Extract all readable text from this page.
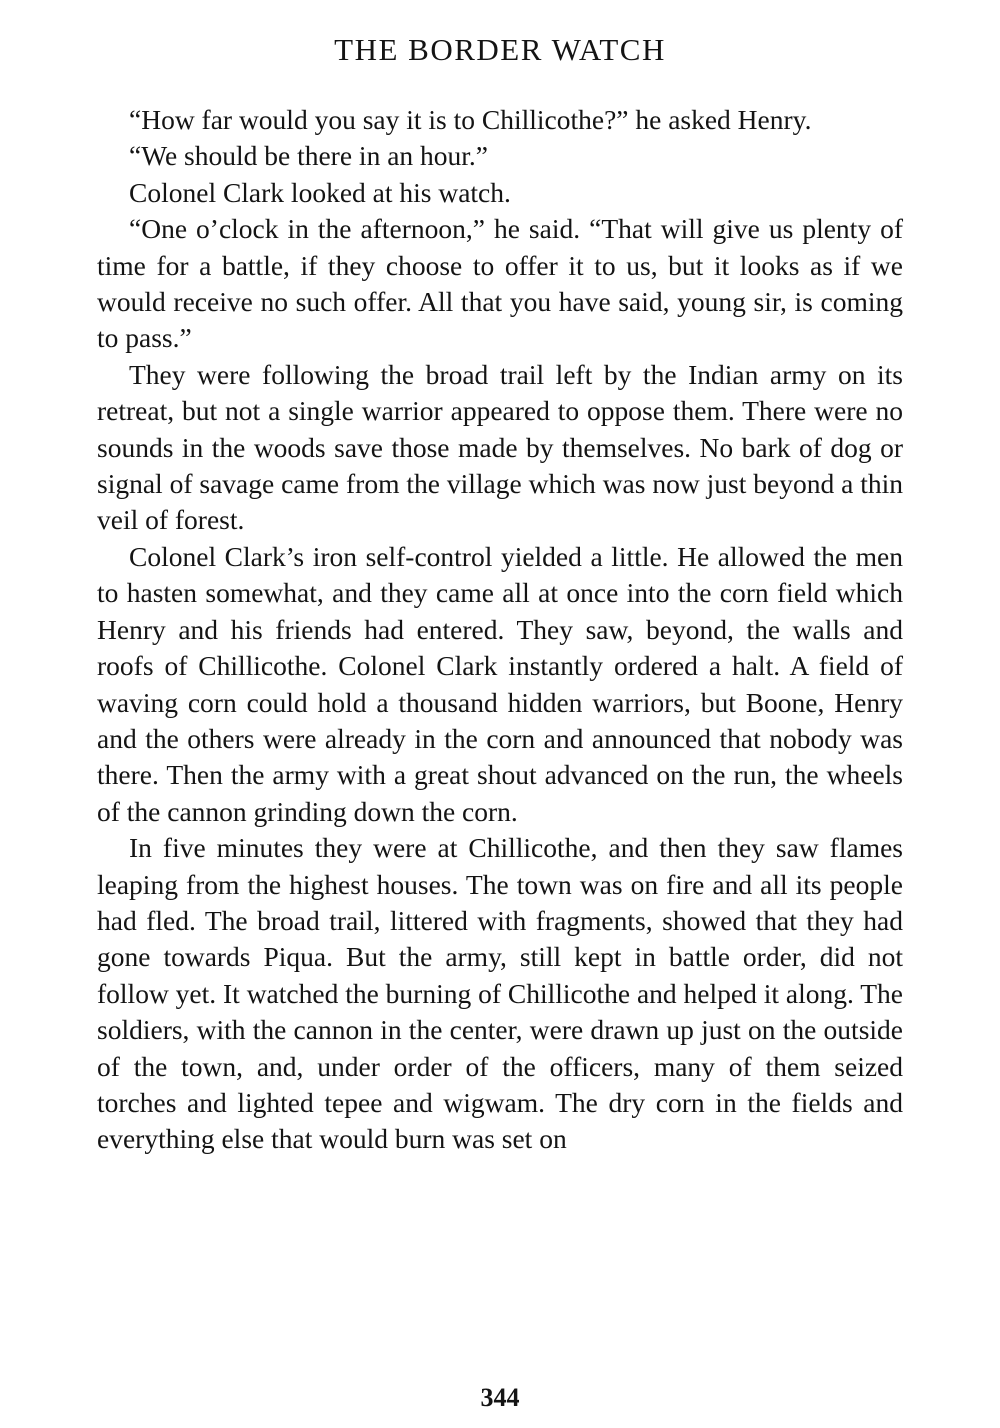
THE BORDER WATCH

“How far would you say it is to Chillicothe?” he asked Henry.

“We should be there in an hour.”

Colonel Clark looked at his watch.

“One o’clock in the afternoon,” he said. “That will give us plenty of time for a battle, if they choose to offer it to us, but it looks as if we would receive no such offer. All that you have said, young sir, is coming to pass.”

They were following the broad trail left by the Indian army on its retreat, but not a single warrior appeared to oppose them. There were no sounds in the woods save those made by themselves. No bark of dog or signal of savage came from the village which was now just beyond a thin veil of forest.

Colonel Clark’s iron self-control yielded a little. He allowed the men to hasten somewhat, and they came all at once into the corn field which Henry and his friends had entered. They saw, beyond, the walls and roofs of Chillicothe. Colonel Clark instantly ordered a halt. A field of waving corn could hold a thousand hidden warriors, but Boone, Henry and the others were already in the corn and announced that nobody was there. Then the army with a great shout advanced on the run, the wheels of the cannon grinding down the corn.

In five minutes they were at Chillicothe, and then they saw flames leaping from the highest houses. The town was on fire and all its people had fled. The broad trail, littered with fragments, showed that they had gone towards Piqua. But the army, still kept in battle order, did not follow yet. It watched the burning of Chillicothe and helped it along. The soldiers, with the cannon in the center, were drawn up just on the outside of the town, and, under order of the officers, many of them seized torches and lighted tepee and wigwam. The dry corn in the fields and everything else that would burn was set on

344
